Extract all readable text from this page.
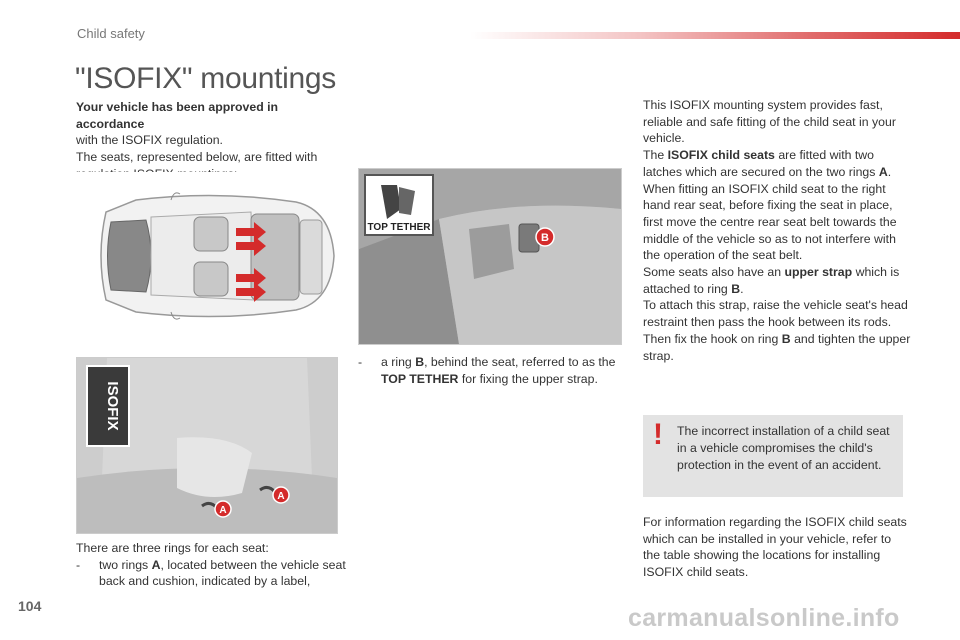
Child safety
"ISOFIX" mountings
Your vehicle has been approved in accordance
with the ISOFIX regulation.
The seats, represented below, are fitted with
B
TOP TETHER
-	a ring B, behind the seat, referred to as the TOP TETHER for fixing the upper strap.
A
A
ISOFIX
There are three rings for each seat:
-	two rings A, located between the vehicle seat back and cushion, indicated by a label,
This ISOFIX mounting system provides fast, reliable and safe fitting of the child seat in your vehicle.
The ISOFIX child seats are fitted with two latches which are secured on the two rings A.
When fitting an ISOFIX child seat to the right hand rear seat, before fixing the seat in place, first move the centre rear seat belt towards the middle of the vehicle so as to not interfere with the operation of the seat belt.
Some seats also have an upper strap which is attached to ring B.
To attach this strap, raise the vehicle seat's head restraint then pass the hook between its rods. Then fix the hook on ring B and tighten the upper strap.
! The incorrect installation of a child seat in a vehicle compromises the child's protection in the event of an accident.
For information regarding the ISOFIX child seats which can be installed in your vehicle, refer to the table showing the locations for installing ISOFIX child seats.
104	carmanualsonline.info
